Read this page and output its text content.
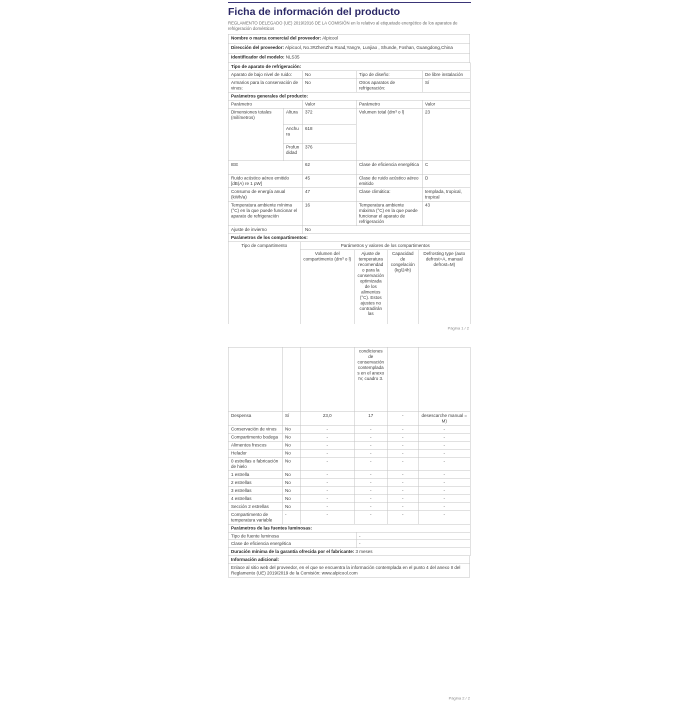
Ficha de información del producto

REGLAMENTO DELEGADO (UE) 2019/2016 DE LA COMISIÓN en lo relativo al etiquetado energético de los aparatos de refrigeración domésticos

Nombre o marca comercial del proveedor: Alpicool
Dirección del proveedor: Alpicool, No.3#ZhenZhu Road,Yang'e, Lunjiao , Shunde, Foshan, Guangdong,China
Identificador del modelo: NLS35
Tipo de aparato de refrigeración:			
Aparato de bajo nivel de ruido:	No	Tipo de diseño:	De libre instalación
Armarios para la conservación de vinos:	No	Otros aparatos de refrigeración:	Sí
Parámetros generales del producto:				
Parámetro		Valor	Parámetro	Valor
Dimensiones totales (milímetros)	Altura	372	Volumen total (dm³ o l)	23
	Anchura	618		
	Profundidad	376		
IEE		62	Clase de eficiencia energética	C
Ruido acústico aéreo emitido [dB(A) re 1 pW]		45	Clase de ruido acústico aéreo emitido	D
Consumo de energía anual (kWh/a)		47	Clase climática:	templada, tropical, tropical
Temperatura ambiente mínima (°C) en la que puede funcionar el aparato de refrigeración		16	Temperatura ambiente máxima (°C) en la que puede funcionar el aparato de refrigeración	43
Ajuste de invierno		No		
Parámetros de los compartimentos:				
Tipo de compartimento	Parámetros y valores de los compartimentos			
	Volumen del compartimento (dm³ o l)	Ajuste de temperatura recomendado para la conservación optimizada de los alimentos (°C). Estos ajustes no contradirán las	Capacidad de congelación (kg/24h)	Defrosting type (auto defrost=A, manual defrost=M)
Página 1 / 2
			condiciones de conservación contempladas en el anexo IV, cuadro 3.		
Despensa	Sí	23,0	17	-	desescarche manual = M)
Conservación de vinos	No	-	-	-	-
Compartimento bodega	No	-	-	-	-
Alimentos frescos	No	-	-	-	-
Helador	No	-	-	-	-
0 estrellas o fabricación de hielo	No	-	-	-	-
1 estrella	No	-	-	-	-
2 estrellas	No	-	-	-	-
3 estrellas	No	-	-	-	-
4 estrellas	No	-	-	-	-
Sección 2 estrellas	No	-	-	-	-
Compartimento de temperatura variable	-	-	-	-	-
Parámetros de las fuentes luminosas:	
Tipo de fuente luminosa	-
Clase de eficiencia energética	-
Duración mínima de la garantía ofrecida por el fabricante: 3 meses	
Información adicional:
Enlace al sitio web del proveedor, en el que se encuentra la información contemplada en el punto 4 del anexo II del Reglamento (UE) 2019/2019 de la Comisión: www.alpicool.com
Página 2 / 2
